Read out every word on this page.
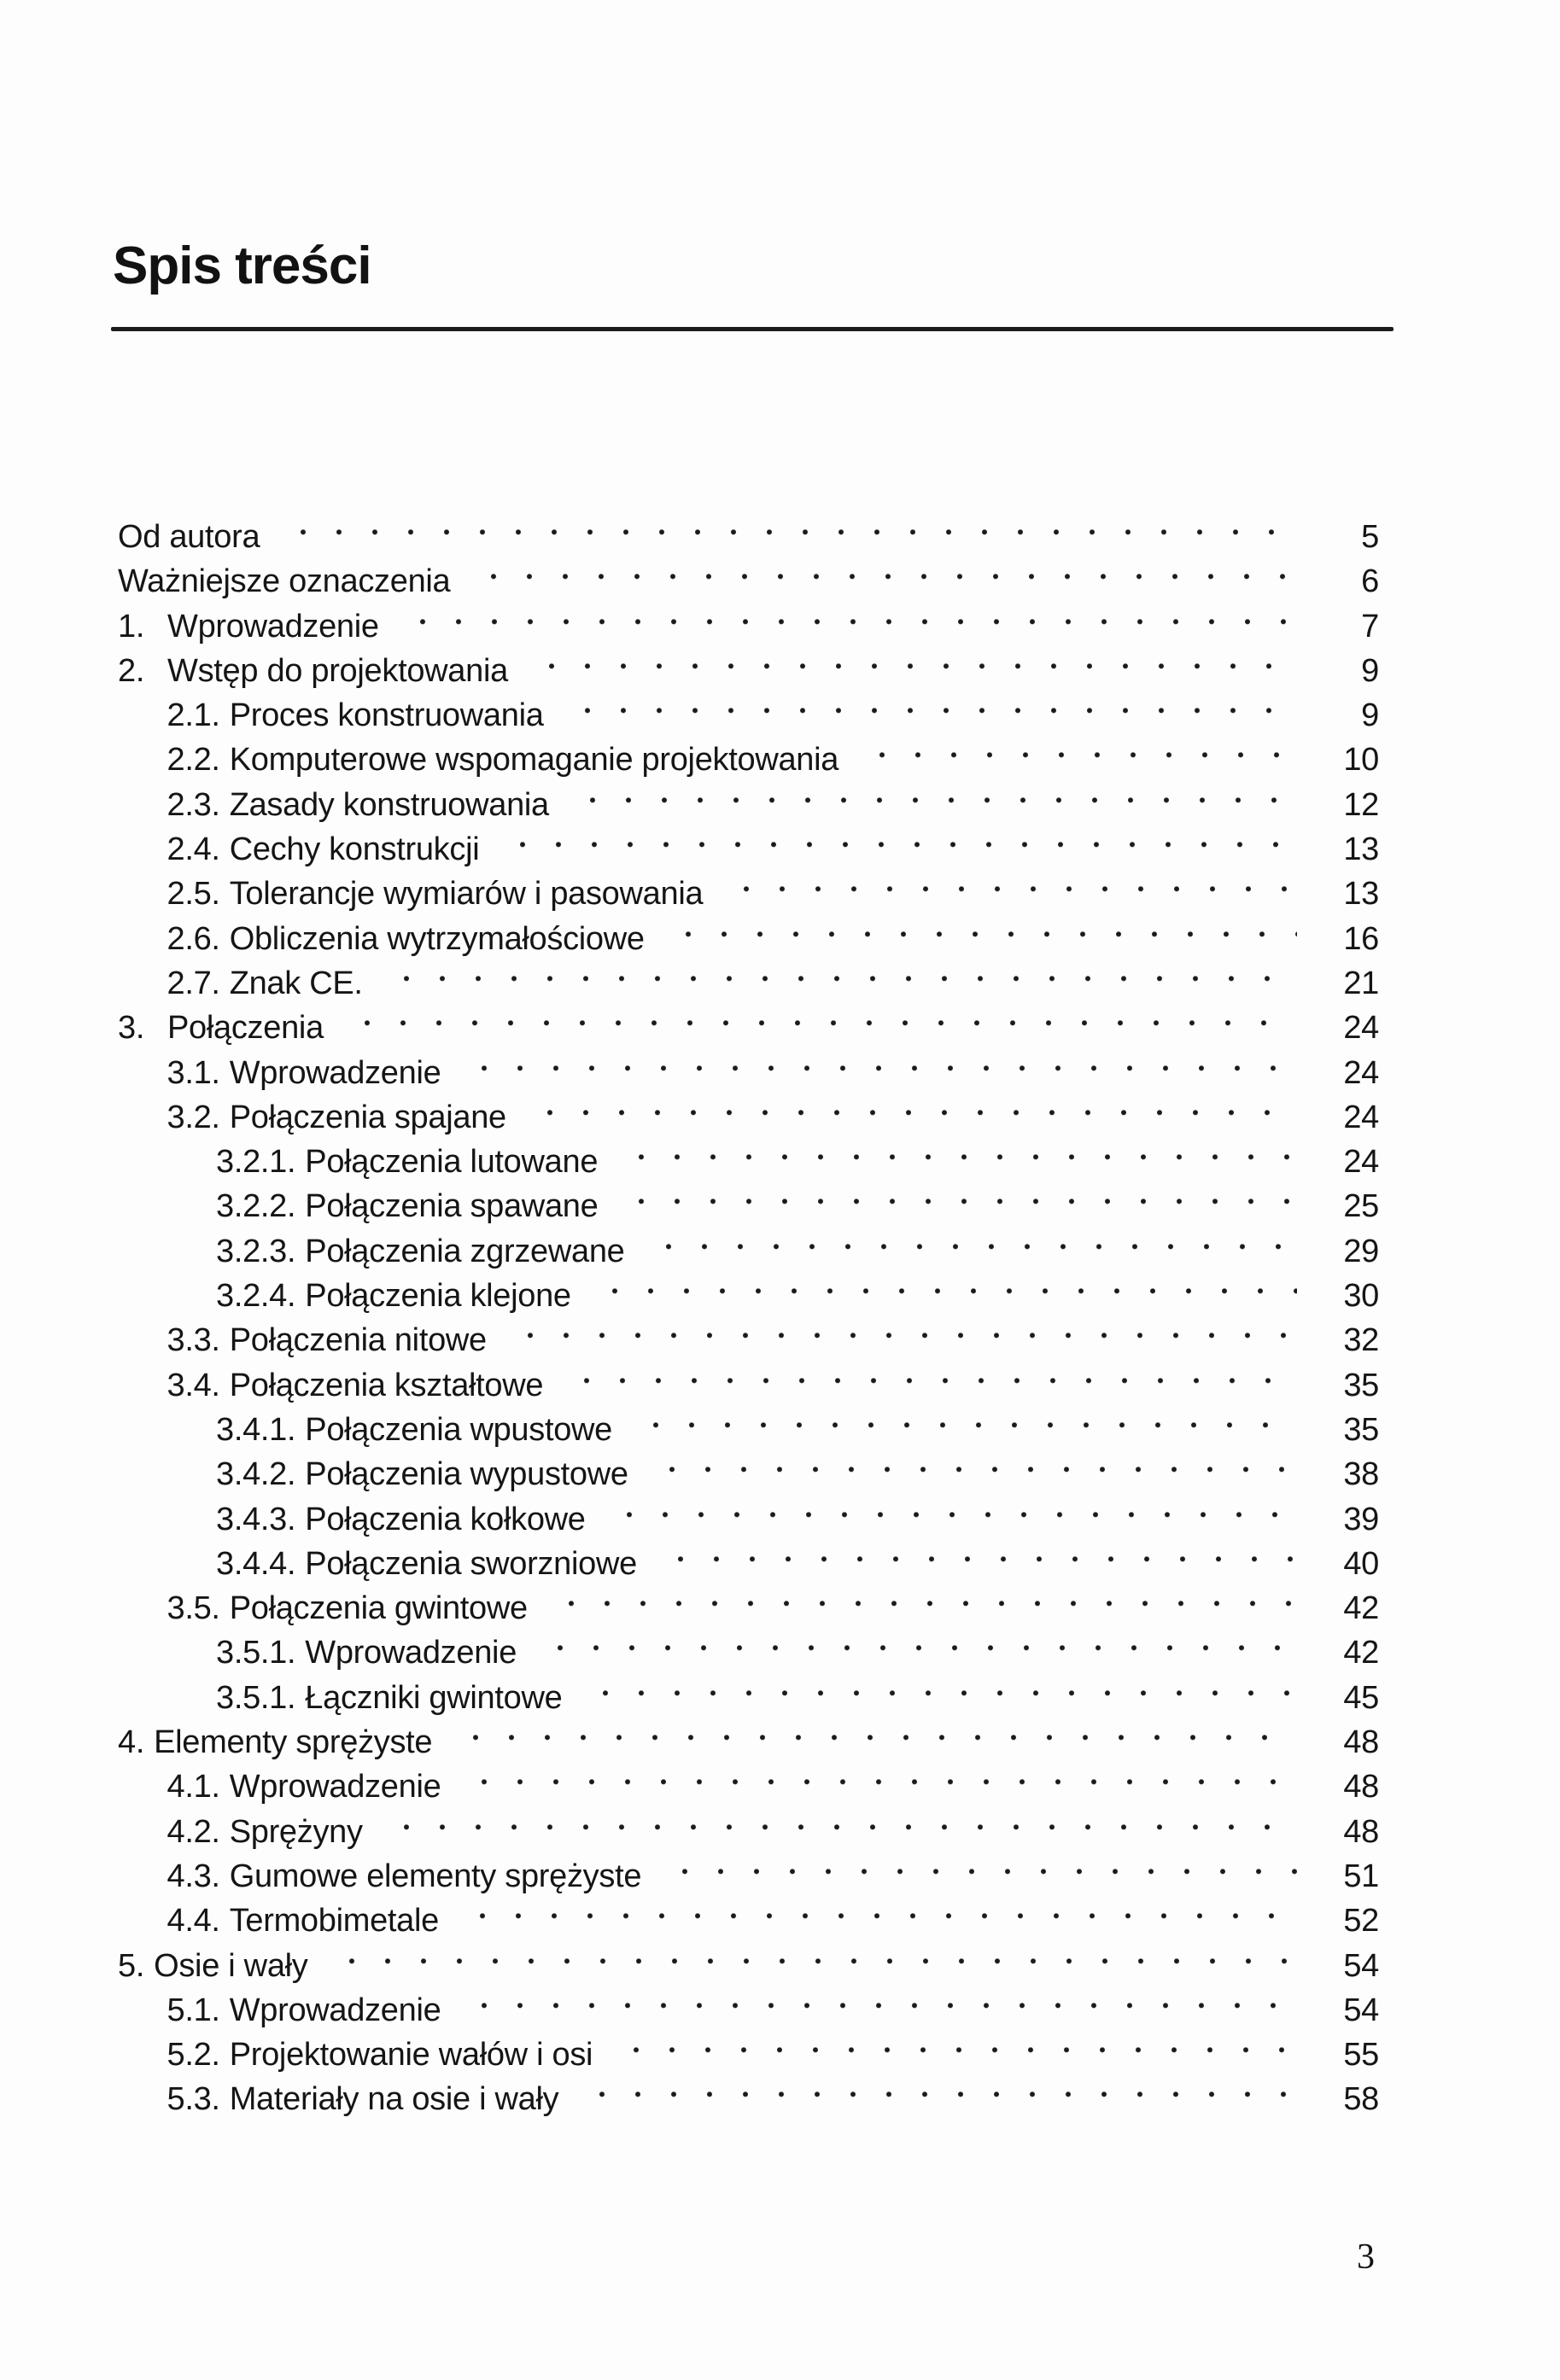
Spis treści
Od autora	5
Ważniejsze oznaczenia	6
1. Wprowadzenie	7
2. Wstęp do projektowania	9
2.1. Proces konstruowania	9
2.2. Komputerowe wspomaganie projektowania	10
2.3. Zasady konstruowania	12
2.4. Cechy konstrukcji	13
2.5. Tolerancje wymiarów i pasowania	13
2.6. Obliczenia wytrzymałościowe	16
2.7. Znak CE.	21
3. Połączenia	24
3.1. Wprowadzenie	24
3.2. Połączenia spajane	24
3.2.1. Połączenia lutowane	24
3.2.2. Połączenia spawane	25
3.2.3. Połączenia zgrzewane	29
3.2.4. Połączenia klejone	30
3.3. Połączenia nitowe	32
3.4. Połączenia kształtowe	35
3.4.1. Połączenia wpustowe	35
3.4.2. Połączenia wypustowe	38
3.4.3. Połączenia kołkowe	39
3.4.4. Połączenia sworzniowe	40
3.5. Połączenia gwintowe	42
3.5.1. Wprowadzenie	42
3.5.1. Łączniki gwintowe	45
4. Elementy sprężyste	48
4.1. Wprowadzenie	48
4.2. Sprężyny	48
4.3. Gumowe elementy sprężyste	51
4.4. Termobimetale	52
5. Osie i wały	54
5.1. Wprowadzenie	54
5.2. Projektowanie wałów i osi	55
5.3. Materiały na osie i wały	58
3
